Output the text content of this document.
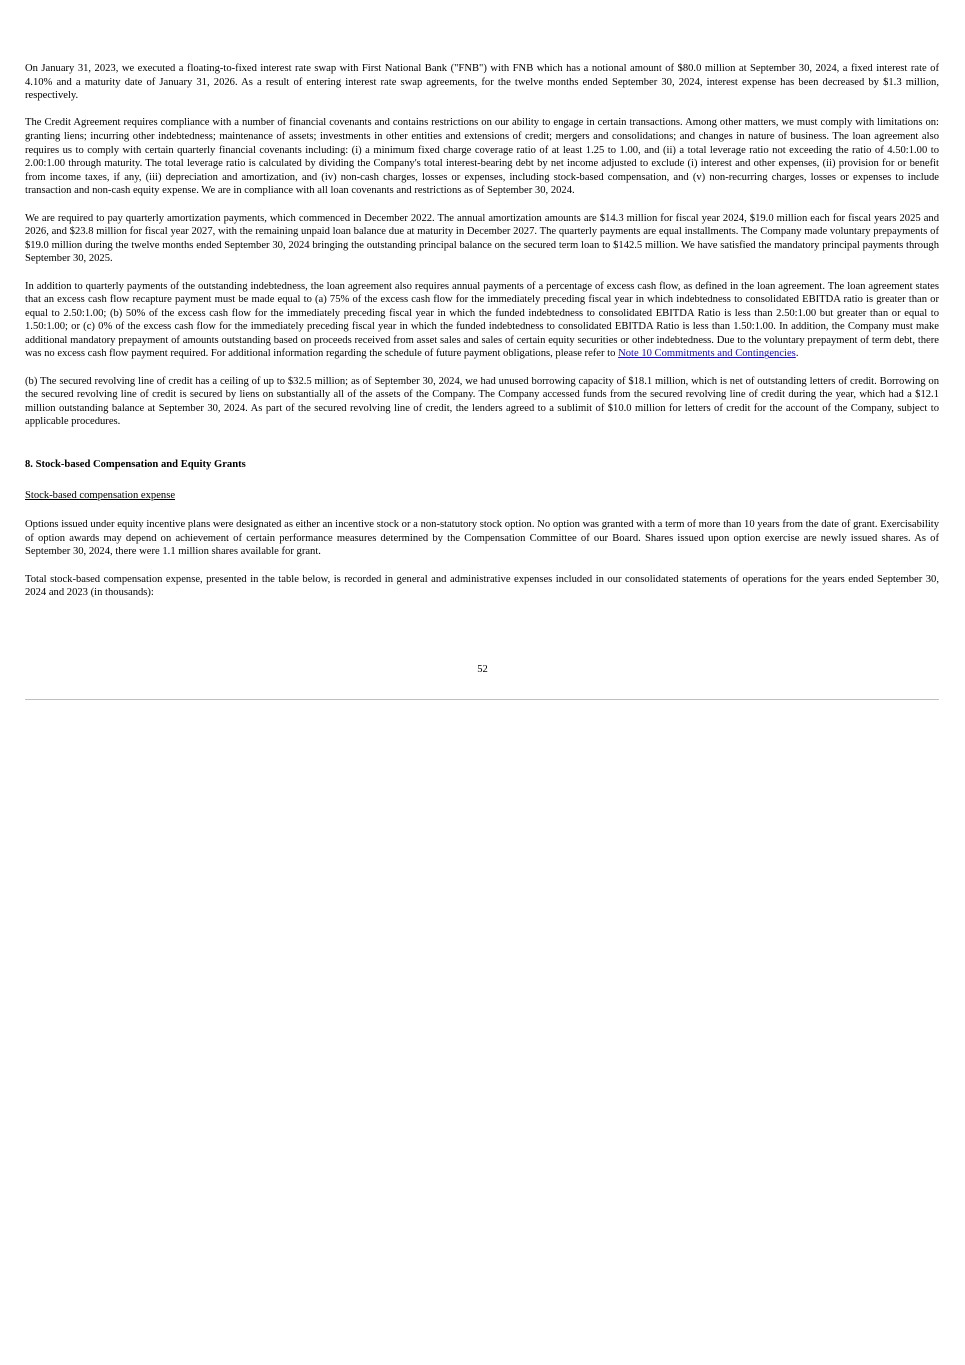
On January 31, 2023, we executed a floating-to-fixed interest rate swap with First National Bank ("FNB") with FNB which has a notional amount of $80.0 million at September 30, 2024, a fixed interest rate of 4.10% and a maturity date of January 31, 2026. As a result of entering interest rate swap agreements, for the twelve months ended September 30, 2024, interest expense has been decreased by $1.3 million, respectively.

The Credit Agreement requires compliance with a number of financial covenants and contains restrictions on our ability to engage in certain transactions. Among other matters, we must comply with limitations on: granting liens; incurring other indebtedness; maintenance of assets; investments in other entities and extensions of credit; mergers and consolidations; and changes in nature of business. The loan agreement also requires us to comply with certain quarterly financial covenants including: (i) a minimum fixed charge coverage ratio of at least 1.25 to 1.00, and (ii) a total leverage ratio not exceeding the ratio of 4.50:1.00 to 2.00:1.00 through maturity. The total leverage ratio is calculated by dividing the Company's total interest-bearing debt by net income adjusted to exclude (i) interest and other expenses, (ii) provision for or benefit from income taxes, if any, (iii) depreciation and amortization, and (iv) non-cash charges, losses or expenses, including stock-based compensation, and (v) non-recurring charges, losses or expenses to include transaction and non-cash equity expense. We are in compliance with all loan covenants and restrictions as of September 30, 2024.

We are required to pay quarterly amortization payments, which commenced in December 2022. The annual amortization amounts are $14.3 million for fiscal year 2024, $19.0 million each for fiscal years 2025 and 2026, and $23.8 million for fiscal year 2027, with the remaining unpaid loan balance due at maturity in December 2027. The quarterly payments are equal installments. The Company made voluntary prepayments of $19.0 million during the twelve months ended September 30, 2024 bringing the outstanding principal balance on the secured term loan to $142.5 million. We have satisfied the mandatory principal payments through September 30, 2025.

In addition to quarterly payments of the outstanding indebtedness, the loan agreement also requires annual payments of a percentage of excess cash flow, as defined in the loan agreement. The loan agreement states that an excess cash flow recapture payment must be made equal to (a) 75% of the excess cash flow for the immediately preceding fiscal year in which indebtedness to consolidated EBITDA ratio is greater than or equal to 2.50:1.00; (b) 50% of the excess cash flow for the immediately preceding fiscal year in which the funded indebtedness to consolidated EBITDA Ratio is less than 2.50:1.00 but greater than or equal to 1.50:1.00; or (c) 0% of the excess cash flow for the immediately preceding fiscal year in which the funded indebtedness to consolidated EBITDA Ratio is less than 1.50:1.00. In addition, the Company must make additional mandatory prepayment of amounts outstanding based on proceeds received from asset sales and sales of certain equity securities or other indebtedness. Due to the voluntary prepayment of term debt, there was no excess cash flow payment required. For additional information regarding the schedule of future payment obligations, please refer to Note 10 Commitments and Contingencies.

(b) The secured revolving line of credit has a ceiling of up to $32.5 million; as of September 30, 2024, we had unused borrowing capacity of $18.1 million, which is net of outstanding letters of credit. Borrowing on the secured revolving line of credit is secured by liens on substantially all of the assets of the Company. The Company accessed funds from the secured revolving line of credit during the year, which had a $12.1 million outstanding balance at September 30, 2024. As part of the secured revolving line of credit, the lenders agreed to a sublimit of $10.0 million for letters of credit for the account of the Company, subject to applicable procedures.

8. Stock-based Compensation and Equity Grants

Stock-based compensation expense

Options issued under equity incentive plans were designated as either an incentive stock or a non-statutory stock option. No option was granted with a term of more than 10 years from the date of grant. Exercisability of option awards may depend on achievement of certain performance measures determined by the Compensation Committee of our Board. Shares issued upon option exercise are newly issued shares. As of September 30, 2024, there were 1.1 million shares available for grant.

Total stock-based compensation expense, presented in the table below, is recorded in general and administrative expenses included in our consolidated statements of operations for the years ended September 30, 2024 and 2023 (in thousands):

52
